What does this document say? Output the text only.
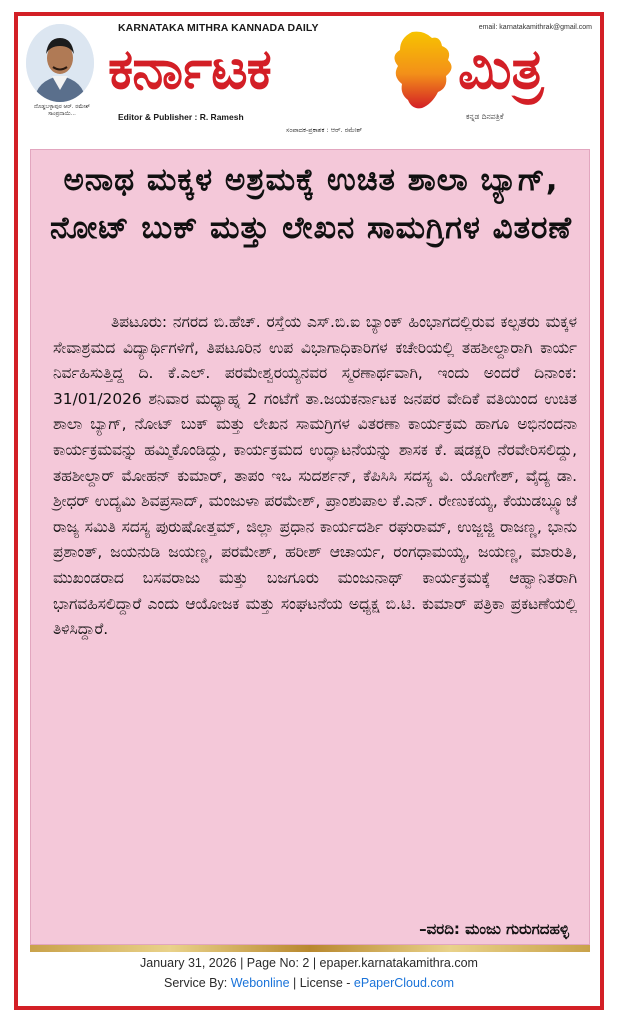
ದೊಡ್ಡಬಳ್ಳಾಪುರ ಆರ್. ರಮೇಶ್ ಸಾಂಪ್ರದಾಯಿ...
KARNATAKA MITHRA KANNADA DAILY	email: karnatakamithrak@gmail.com
ಕರ್ನಾಟಕ	ಮಿತ್ರ
Editor & Publisher : R. Ramesh
ಸಂಪಾದಕ-ಪ್ರಕಾಶಕ : ಆರ್. ರಮೇಶ್
ಕನ್ನಡ ದಿನಪತ್ರಿಕೆ
ಅನಾಥ ಮಕ್ಕಳ ಅಶ್ರಮಕ್ಕೆ ಉಚಿತ ಶಾಲಾ ಬ್ಯಾಗ್, ನೋಟ್ ಬುಕ್ ಮತ್ತು ಲೇಖನ ಸಾಮಗ್ರಿಗಳ ವಿತರಣೆ

ತಿಪಟೂರು: ನಗರದ ಬಿ.ಹೆಚ್. ರಸ್ತೆಯ ಎಸ್.ಬಿ.ಐ ಬ್ಯಾಂಕ್ ಹಿಂಭಾಗದಲ್ಲಿರುವ ಕಲ್ಪತರು ಮಕ್ಕಳ ಸೇವಾಶ್ರಮದ ವಿದ್ಯಾರ್ಥಿಗಳಿಗೆ, ತಿಪಟೂರಿನ ಉಪ ವಿಭಾಗಾಧಿಕಾರಿಗಳ ಕಚೇರಿಯಲ್ಲಿ ತಹಶೀಲ್ದಾರಾಗಿ ಕಾರ್ಯ ನಿರ್ವಹಿಸುತ್ತಿದ್ದ ದಿ. ಕೆ.ಎಲ್. ಪರಮೇಶ್ವರಯ್ಯನವರ ಸ್ಮರಣಾರ್ಥವಾಗಿ, ಇಂದು ಅಂದರೆ ದಿನಾಂಕ: 31/01/2026 ಶನಿವಾರ ಮಧ್ಯಾಹ್ನ 2 ಗಂಟೆಗೆ ತಾ.ಜಯಕರ್ನಾಟಕ ಜನಪರ ವೇದಿಕೆ ವತಿಯಿಂದ ಉಚಿತ ಶಾಲಾ ಬ್ಯಾಗ್, ನೋಟ್ ಬುಕ್ ಮತ್ತು ಲೇಖನ ಸಾಮಗ್ರಿಗಳ ವಿತರಣಾ ಕಾರ್ಯಕ್ರಮ ಹಾಗೂ ಅಭಿನಂದನಾ ಕಾರ್ಯಕ್ರಮವನ್ನು ಹಮ್ಮಿಕೊಂಡಿದ್ದು, ಕಾರ್ಯಕ್ರಮದ ಉದ್ಘಾಟನೆಯನ್ನು ಶಾಸಕ ಕೆ. ಷಡಕ್ಷರಿ ನೆರವೇರಿಸಲಿದ್ದು, ತಹಶೀಲ್ದಾರ್ ಮೋಹನ್ ಕುಮಾರ್, ತಾಪಂ ಇಒ ಸುದರ್ಶನ್, ಕೆಪಿಸಿಸಿ ಸದಸ್ಯ ವಿ. ಯೋಗೇಶ್, ವೈದ್ಯ ಡಾ. ಶ್ರೀಧರ್ ಉದ್ಯಮಿ ಶಿವಪ್ರಸಾದ್, ಮಂಜುಳಾ ಪರಮೇಶ್, ಪ್ರಾಂಶುಪಾಲ ಕೆ.ಎನ್. ರೇಣುಕಯ್ಯ, ಕೆಯುಡಬ್ಲ್ಯೂಜೆ ರಾಜ್ಯ ಸಮಿತಿ ಸದಸ್ಯ ಪುರುಷೋತ್ತಮ್, ಜಿಲ್ಲಾ ಪ್ರಧಾನ ಕಾರ್ಯದರ್ಶಿ ರಘುರಾಮ್, ಉಜ್ಜಜ್ಜಿ ರಾಜಣ್ಣ, ಭಾನು ಪ್ರಶಾಂತ್, ಜಯನುಡಿ ಜಯಣ್ಣ, ಪರಮೇಶ್, ಹರೀಶ್ ಆಚಾರ್ಯ, ರಂಗಧಾಮಯ್ಯ, ಜಯಣ್ಣ, ಮಾರುತಿ, ಮುಖಂಡರಾದ ಬಸವರಾಜು ಮತ್ತು ಬಜಗೂರು ಮಂಜುನಾಥ್ ಕಾರ್ಯಕ್ರಮಕ್ಕೆ ಆಹ್ವಾನಿತರಾಗಿ ಭಾಗವಹಿಸಲಿದ್ದಾರೆ ಎಂದು ಆಯೋಜಕ ಮತ್ತು ಸಂಘಟನೆಯ ಅಧ್ಯಕ್ಷ ಬಿ.ಟಿ. ಕುಮಾರ್ ಪತ್ರಿಕಾ ಪ್ರಕಟಣೆಯಲ್ಲಿ ತಿಳಿಸಿದ್ದಾರೆ.

–ವರದಿ: ಮಂಜು ಗುರುಗದಹಳ್ಳಿ
January 31, 2026 | Page No: 2 | epaper.karnatakamithra.com
Service By: Webonline | License - ePaperCloud.com
